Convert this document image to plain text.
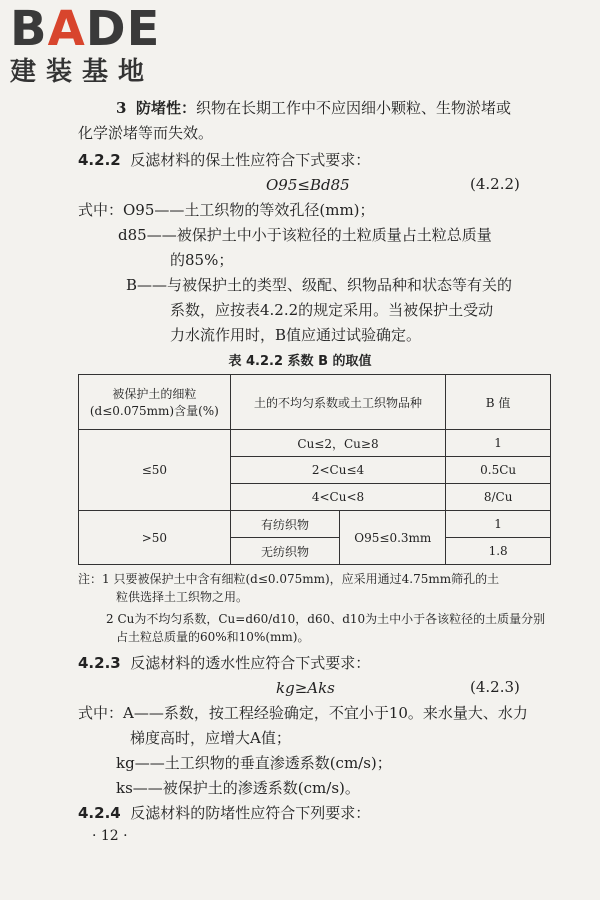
BADE
建装基地
3 防堵性：织物在长期工作中不应因细小颗粒、生物淤堵或
化学淤堵等而失效。
4.2.2 反滤材料的保土性应符合下式要求：
O95≤Bd85	(4.2.2)
式中：O95——土工织物的等效孔径(mm)；
d85——被保护土中小于该粒径的土粒质量占土粒总质量
的85%；
B——与被保护土的类型、级配、织物品种和状态等有关的
系数，应按表4.2.2的规定采用。当被保护土受动
力水流作用时，B值应通过试验确定。
表 4.2.2 系数 B 的取值
被保护土的细粒
(d≤0.075mm)含量(%)	土的不均匀系数或土工织物品种		B 值
≤50	Cu≤2，Cu≥8		1
	2<Cu≤4		0.5Cu
	4<Cu<8		8/Cu
>50	有纺织物	O95≤0.3mm	1
	无纺织物		1.8
注：1 只要被保护土中含有细粒(d≤0.075mm)，应采用通过4.75mm筛孔的土
粒供选择土工织物之用。
2 Cu为不均匀系数，Cu=d60/d10，d60、d10为土中小于各该粒径的土质量分别
占土粒总质量的60%和10%(mm)。
4.2.3 反滤材料的透水性应符合下式要求：
kg≥Aks	(4.2.3)
式中：A——系数，按工程经验确定，不宜小于10。来水量大、水力
梯度高时，应增大A值；
kg——土工织物的垂直渗透系数(cm/s)；
ks——被保护土的渗透系数(cm/s)。
4.2.4 反滤材料的防堵性应符合下列要求：
· 12 ·
